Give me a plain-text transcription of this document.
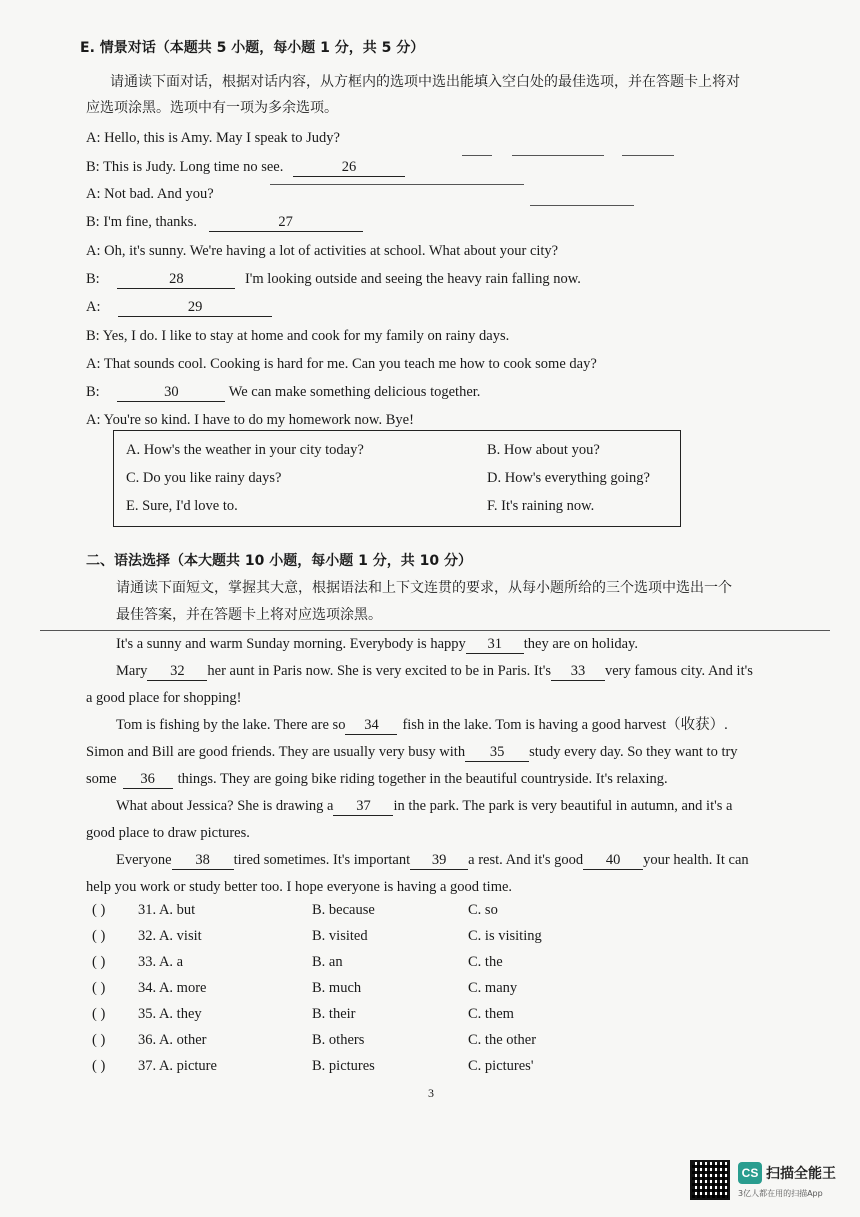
E. 情景对话（本题共 5 小题，每小题 1 分，共 5 分）
请通读下面对话，根据对话内容，从方框内的选项中选出能填入空白处的最佳选项，并在答题卡上将对
应选项涂黑。选项中有一项为多余选项。
A: Hello, this is Amy. May I speak to Judy?
B: This is Judy. Long time no see.	26
A: Not bad. And you?
B: I'm fine, thanks.	27
A: Oh, it's sunny. We're having a lot of activities at school. What about your city?
B:	28	I'm looking outside and seeing the heavy rain falling now.
A:	29
B: Yes, I do. I like to stay at home and cook for my family on rainy days.
A: That sounds cool. Cooking is hard for me. Can you teach me how to cook some day?
B:	30	We can make something delicious together.
A: You're so kind. I have to do my homework now. Bye!
A. How's the weather in your city today?	B. How about you?
C. Do you like rainy days?	D. How's everything going?
E. Sure, I'd love to.	F. It's raining now.
二、语法选择（本大题共 10 小题，每小题 1 分，共 10 分）
请通读下面短文，掌握其大意，根据语法和上下文连贯的要求，从每小题所给的三个选项中选出一个
最佳答案，并在答题卡上将对应选项涂黑。
It's a sunny and warm Sunday morning. Everybody is happy 31 they are on holiday.
Mary 32 her aunt in Paris now. She is very excited to be in Paris. It's 33 very famous city. And it's
a good place for shopping!
Tom is fishing by the lake. There are so 34 fish in the lake. Tom is having a good harvest（收获）.
Simon and Bill are good friends. They are usually very busy with 35 study every day. So they want to try
some 36 things. They are going bike riding together in the beautiful countryside. It's relaxing.
What about Jessica? She is drawing a 37 in the park. The park is very beautiful in autumn, and it's a
good place to draw pictures.
Everyone 38 tired sometimes. It's important 39 a rest. And it's good 40 your health. It can
help you work or study better too. I hope everyone is having a good time.
( ) 31. A. but	B. because	C. so
( ) 32. A. visit	B. visited	C. is visiting
( ) 33. A. a	B. an	C. the
( ) 34. A. more	B. much	C. many
( ) 35. A. they	B. their	C. them
( ) 36. A. other	B. others	C. the other
( ) 37. A. picture	B. pictures	C. pictures'
3
CS 扫描全能王
3亿人都在用的扫描App
